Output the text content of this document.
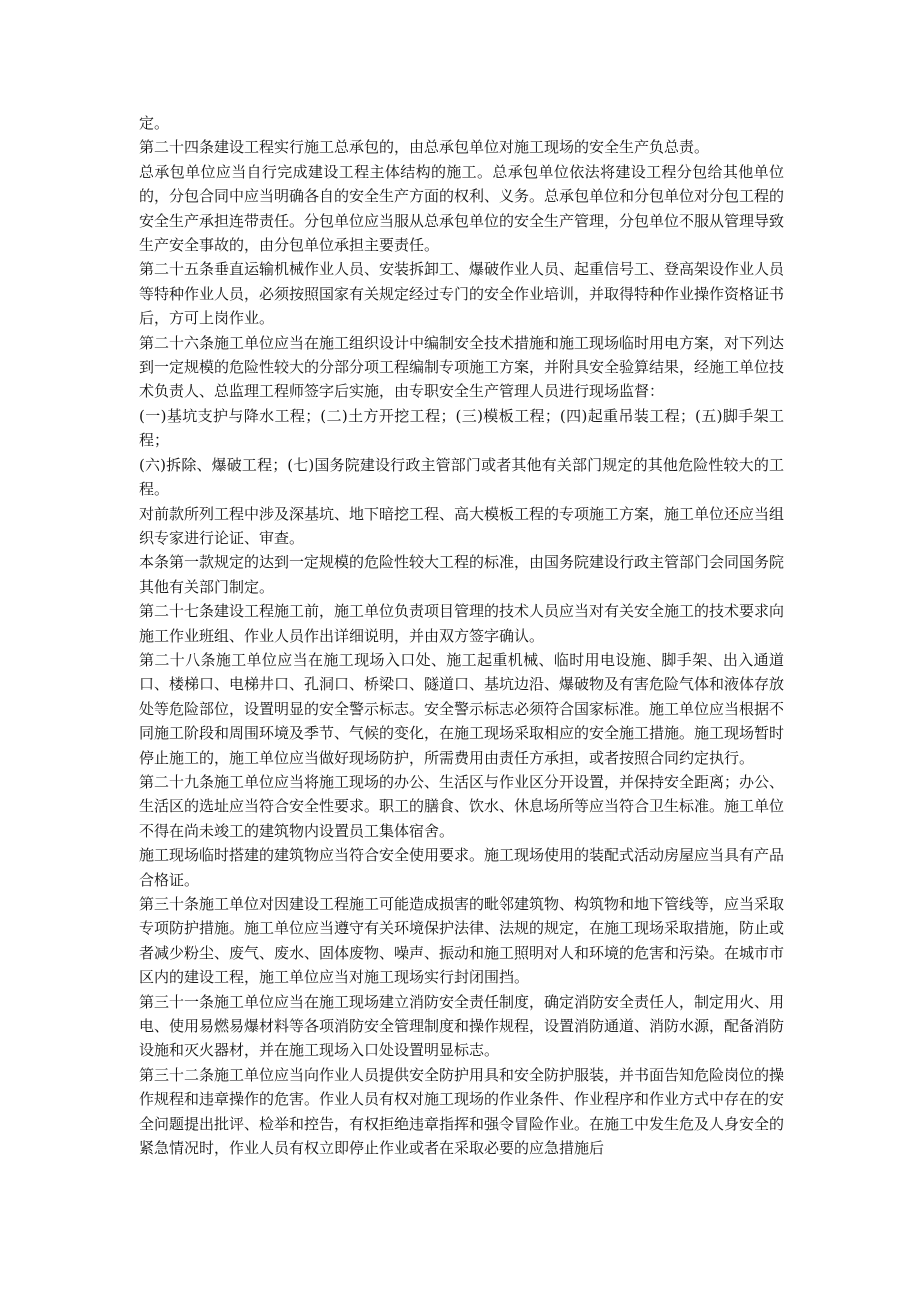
定。

第二十四条建设工程实行施工总承包的，由总承包单位对施工现场的安全生产负总责。

总承包单位应当自行完成建设工程主体结构的施工。总承包单位依法将建设工程分包给其他单位的，分包合同中应当明确各自的安全生产方面的权利、义务。总承包单位和分包单位对分包工程的安全生产承担连带责任。分包单位应当服从总承包单位的安全生产管理，分包单位不服从管理导致生产安全事故的，由分包单位承担主要责任。

第二十五条垂直运输机械作业人员、安装拆卸工、爆破作业人员、起重信号工、登高架设作业人员等特种作业人员，必须按照国家有关规定经过专门的安全作业培训，并取得特种作业操作资格证书后，方可上岗作业。

第二十六条施工单位应当在施工组织设计中编制安全技术措施和施工现场临时用电方案，对下列达到一定规模的危险性较大的分部分项工程编制专项施工方案，并附具安全验算结果，经施工单位技术负责人、总监理工程师签字后实施，由专职安全生产管理人员进行现场监督：

(一)基坑支护与降水工程；(二)土方开挖工程；(三)模板工程；(四)起重吊装工程；(五)脚手架工程；

(六)拆除、爆破工程；(七)国务院建设行政主管部门或者其他有关部门规定的其他危险性较大的工程。

对前款所列工程中涉及深基坑、地下暗挖工程、高大模板工程的专项施工方案，施工单位还应当组织专家进行论证、审查。

本条第一款规定的达到一定规模的危险性较大工程的标准，由国务院建设行政主管部门会同国务院其他有关部门制定。

第二十七条建设工程施工前，施工单位负责项目管理的技术人员应当对有关安全施工的技术要求向施工作业班组、作业人员作出详细说明，并由双方签字确认。

第二十八条施工单位应当在施工现场入口处、施工起重机械、临时用电设施、脚手架、出入通道口、楼梯口、电梯井口、孔洞口、桥梁口、隧道口、基坑边沿、爆破物及有害危险气体和液体存放处等危险部位，设置明显的安全警示标志。安全警示标志必须符合国家标准。施工单位应当根据不同施工阶段和周围环境及季节、气候的变化，在施工现场采取相应的安全施工措施。施工现场暂时停止施工的，施工单位应当做好现场防护，所需费用由责任方承担，或者按照合同约定执行。

第二十九条施工单位应当将施工现场的办公、生活区与作业区分开设置，并保持安全距离；办公、生活区的选址应当符合安全性要求。职工的膳食、饮水、休息场所等应当符合卫生标准。施工单位不得在尚未竣工的建筑物内设置员工集体宿舍。

施工现场临时搭建的建筑物应当符合安全使用要求。施工现场使用的装配式活动房屋应当具有产品合格证。

第三十条施工单位对因建设工程施工可能造成损害的毗邻建筑物、构筑物和地下管线等，应当采取专项防护措施。施工单位应当遵守有关环境保护法律、法规的规定，在施工现场采取措施，防止或者减少粉尘、废气、废水、固体废物、噪声、振动和施工照明对人和环境的危害和污染。在城市市区内的建设工程，施工单位应当对施工现场实行封闭围挡。

第三十一条施工单位应当在施工现场建立消防安全责任制度，确定消防安全责任人，制定用火、用电、使用易燃易爆材料等各项消防安全管理制度和操作规程，设置消防通道、消防水源，配备消防设施和灭火器材，并在施工现场入口处设置明显标志。

第三十二条施工单位应当向作业人员提供安全防护用具和安全防护服装，并书面告知危险岗位的操作规程和违章操作的危害。作业人员有权对施工现场的作业条件、作业程序和作业方式中存在的安全问题提出批评、检举和控告，有权拒绝违章指挥和强令冒险作业。在施工中发生危及人身安全的紧急情况时，作业人员有权立即停止作业或者在采取必要的应急措施后
